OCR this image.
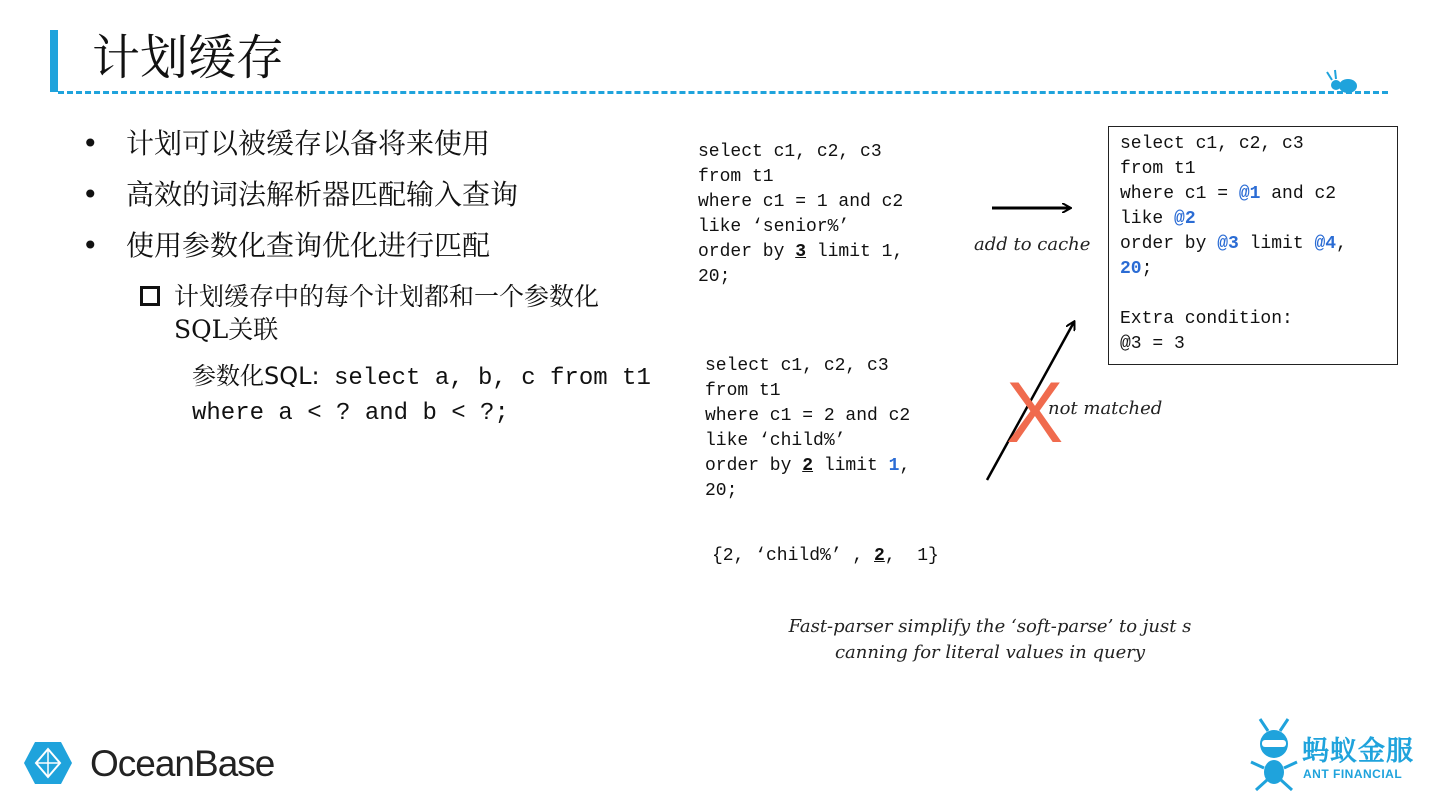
计划缓存
• 计划可以被缓存以备将来使用
• 高效的词法解析器匹配输入查询
• 使用参数化查询优化进行匹配
计划缓存中的每个计划都和一个参数化
SQL关联
参数化SQL: select a, b, c from t1
where a < ? and b < ?;
select c1, c2, c3
from t1
where c1 = 1 and c2
like ‘senior%’
order by 3 limit 1,
20;
select c1, c2, c3
from t1
where c1 = @1 and c2
like @2
order by @3 limit @4,
20;

Extra condition:
@3 = 3
select c1, c2, c3
from t1
where c1 = 2 and c2
like ‘child%’
order by 2 limit 1,
20;
{2, ‘child%’ , 2,  1}
add to cache
X
not matched
Fast-parser simplify the ‘soft-parse’ to just s
canning for literal values in query
OceanBase	蚂蚁金服
ANT FINANCIAL
